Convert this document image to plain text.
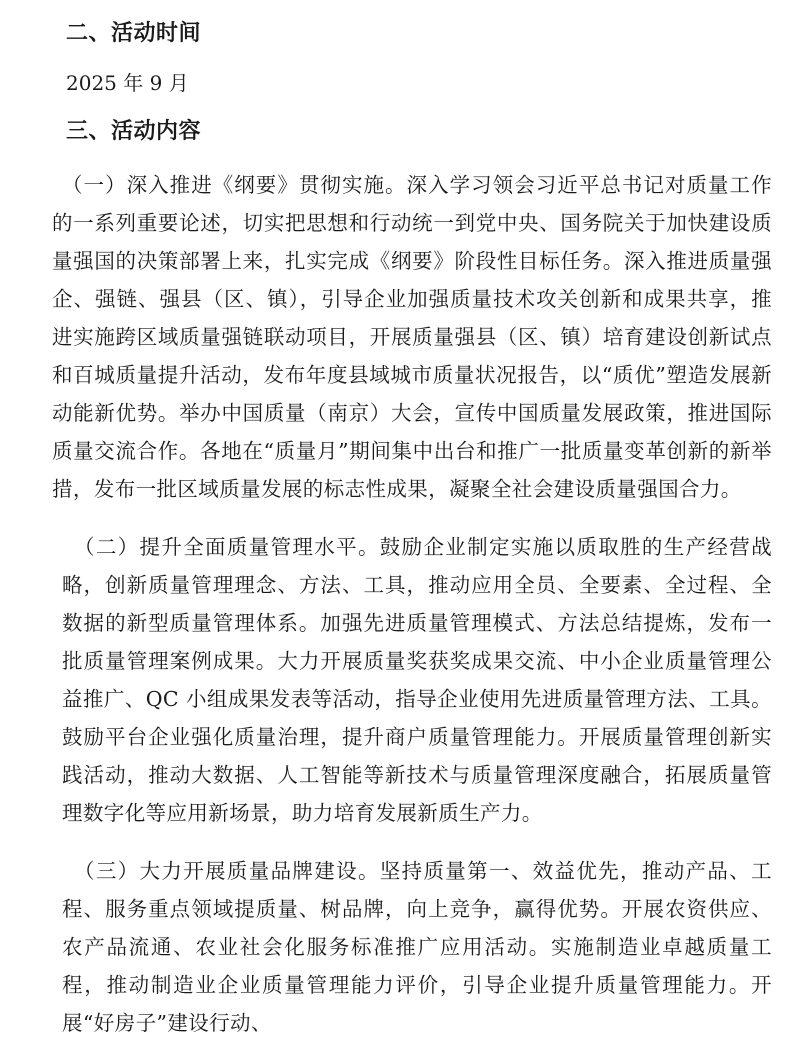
二、活动时间
2025 年 9 月
三、活动内容

（一）深入推进《纲要》贯彻实施。深入学习领会习近平总书记对质量工作的一系列重要论述，切实把思想和行动统一到党中央、国务院关于加快建设质量强国的决策部署上来，扎实完成《纲要》阶段性目标任务。深入推进质量强企、强链、强县（区、镇），引导企业加强质量技术攻关创新和成果共享，推进实施跨区域质量强链联动项目，开展质量强县（区、镇）培育建设创新试点和百城质量提升活动，发布年度县域城市质量状况报告，以“质优”塑造发展新动能新优势。举办中国质量（南京）大会，宣传中国质量发展政策，推进国际质量交流合作。各地在“质量月”期间集中出台和推广一批质量变革创新的新举措，发布一批区域质量发展的标志性成果，凝聚全社会建设质量强国合力。

（二）提升全面质量管理水平。鼓励企业制定实施以质取胜的生产经营战略，创新质量管理理念、方法、工具，推动应用全员、全要素、全过程、全数据的新型质量管理体系。加强先进质量管理模式、方法总结提炼，发布一批质量管理案例成果。大力开展质量奖获奖成果交流、中小企业质量管理公益推广、QC 小组成果发表等活动，指导企业使用先进质量管理方法、工具。鼓励平台企业强化质量治理，提升商户质量管理能力。开展质量管理创新实践活动，推动大数据、人工智能等新技术与质量管理深度融合，拓展质量管理数字化等应用新场景，助力培育发展新质生产力。

（三）大力开展质量品牌建设。坚持质量第一、效益优先，推动产品、工程、服务重点领域提质量、树品牌，向上竞争，赢得优势。开展农资供应、农产品流通、农业社会化服务标准推广应用活动。实施制造业卓越质量工程，推动制造业企业质量管理能力评价，引导企业提升质量管理能力。开展“好房子”建设行动、
